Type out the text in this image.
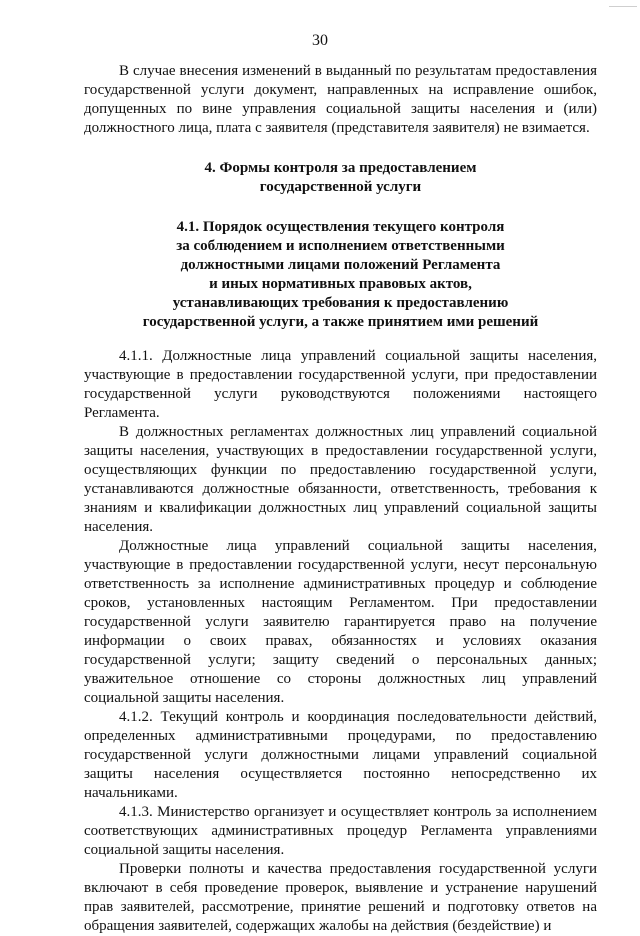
30

В случае внесения изменений в выданный по результатам предоставления государственной услуги документ, направленных на исправление ошибок, допущенных по вине управления социальной защиты населения и (или) должностного лица, плата с заявителя (представителя заявителя) не взимается.

4. Формы контроля за предоставлением
государственной услуги
4.1. Порядок осуществления текущего контроля
за соблюдением и исполнением ответственными
должностными лицами положений Регламента
и иных нормативных правовых актов,
устанавливающих требования к предоставлению
государственной услуги, а также принятием ими решений

4.1.1. Должностные лица управлений социальной защиты населения, участвующие в предоставлении государственной услуги, при предоставлении государственной услуги руководствуются положениями настоящего Регламента.

В должностных регламентах должностных лиц управлений социальной защиты населения, участвующих в предоставлении государственной услуги, осуществляющих функции по предоставлению государственной услуги, устанавливаются должностные обязанности, ответственность, требования к знаниям и квалификации должностных лиц управлений социальной защиты населения.

Должностные лица управлений социальной защиты населения, участвующие в предоставлении государственной услуги, несут персональную ответственность за исполнение административных процедур и соблюдение сроков, установленных настоящим Регламентом. При предоставлении государственной услуги заявителю гарантируется право на получение информации о своих правах, обязанностях и условиях оказания государственной услуги; защиту сведений о персональных данных; уважительное отношение со стороны должностных лиц управлений социальной защиты населения.

4.1.2. Текущий контроль и координация последовательности действий, определенных административными процедурами, по предоставлению государственной услуги должностными лицами управлений социальной защиты населения осуществляется постоянно непосредственно их начальниками.

4.1.3. Министерство организует и осуществляет контроль за исполнением соответствующих административных процедур Регламента управлениями социальной защиты населения.

Проверки полноты и качества предоставления государственной услуги включают в себя проведение проверок, выявление и устранение нарушений прав заявителей, рассмотрение, принятие решений и подготовку ответов на обращения заявителей, содержащих жалобы на действия (бездействие) и
